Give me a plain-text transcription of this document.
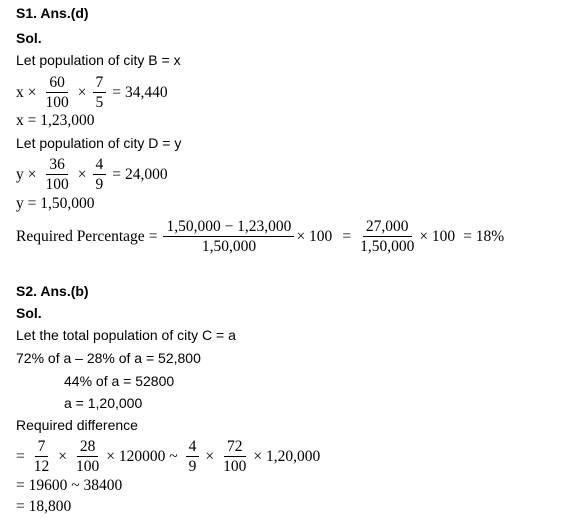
S1. Ans.(d)
Sol.
Let population of city B = x
$x \times \frac{60}{100} \times \frac{7}{5} = 34,440$
x = 1,23,000
Let population of city D = y
$y \times \frac{36}{100} \times \frac{4}{9} = 24,000$
y = 1,50,000
Required Percentage = $\frac{1,50,000 - 1,23,000}{1,50,000} \times 100 = \frac{27,000}{1,50,000} \times 100 = 18\%$
S2. Ans.(b)
Sol.
Let the total population of city C = a
72% of a – 28% of a = 52,800
44% of a = 52800
a = 1,20,000
Required difference
= $\frac{7}{12} \times \frac{28}{100} \times 120000$ ~ $\frac{4}{9} \times \frac{72}{100} \times 1,20,000$
= 19600 ~ 38400
= 18,800
